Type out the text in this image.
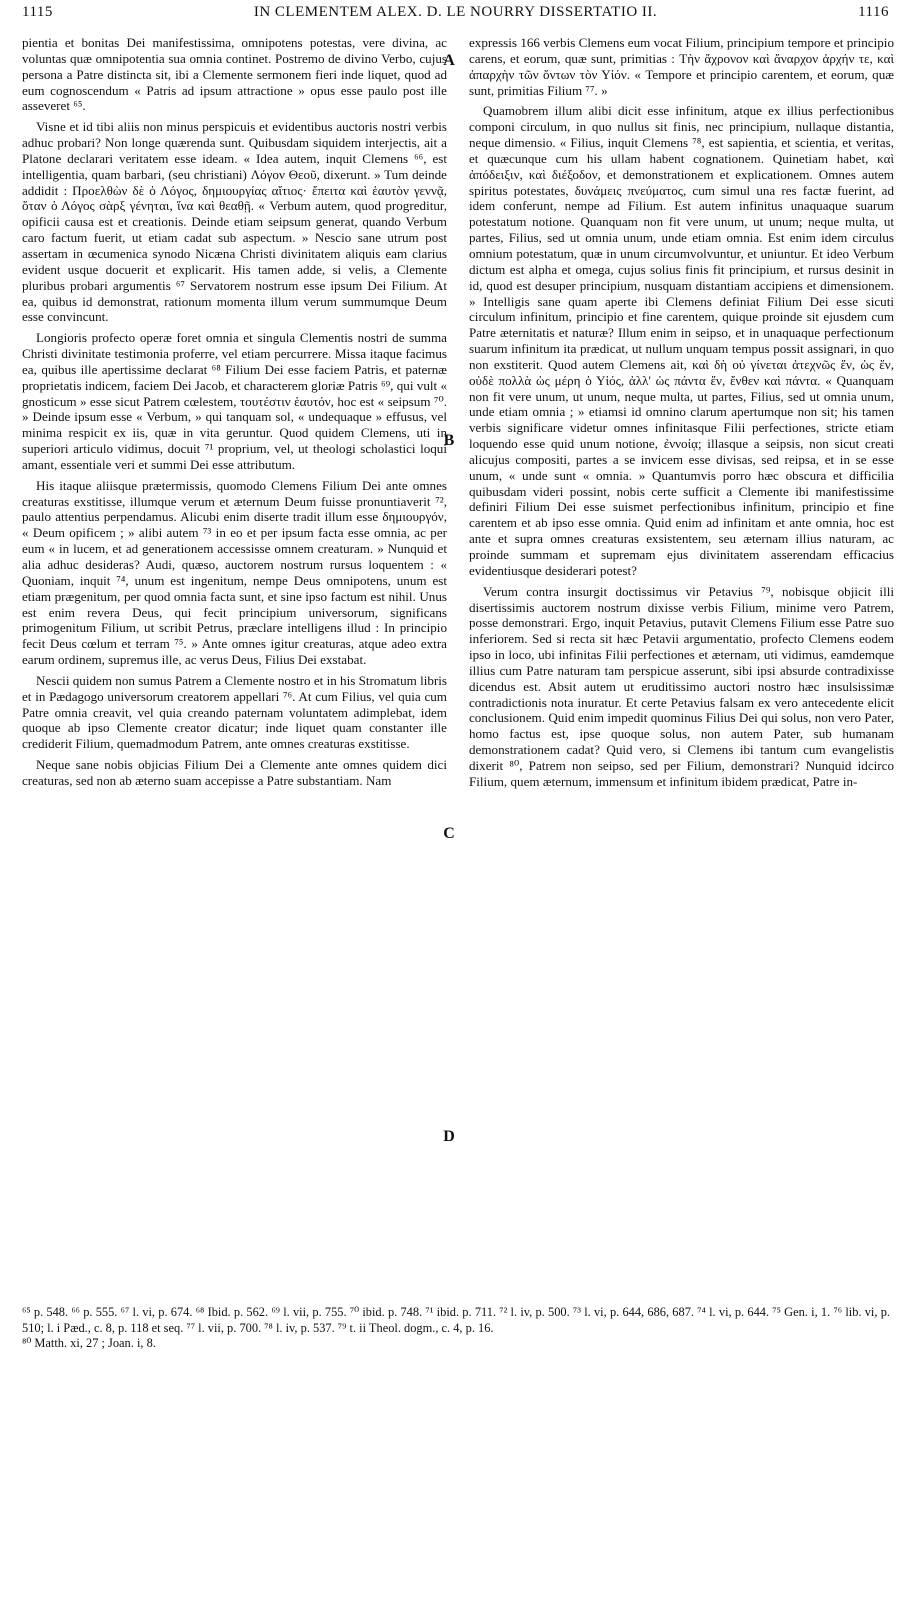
1115	IN CLEMENTEM ALEX. D. LE NOURRY DISSERTATIO II.	1116

pientia et bonitas Dei manifestissima, omnipotens potestas, vere divina, ac voluntas quæ omnipotentia sua omnia continet. Postremo de divino Verbo, cujus persona a Patre distincta sit, ibi a Clemente sermonem fieri inde liquet, quod ad eum cognoscendum « Patris ad ipsum attractione » opus esse paulo post ille asseveret ⁶⁵.

Visne et id tibi aliis non minus perspicuis et evidentibus auctoris nostri verbis adhuc probari? Non longe quærenda sunt. Quibusdam siquidem interjectis, ait a Platone declarari veritatem esse ideam. « Idea autem, inquit Clemens ⁶⁶, est intelligentia, quam barbari, (seu christiani) Λόγον Θεοῦ, dixerunt. » Tum deinde addidit : Προελθὼν δὲ ὁ Λόγος, δημιουργίας αἴτιος· ἔπειτα καὶ ἑαυτὸν γεννᾷ, ὅταν ὁ Λόγος σὰρξ γένηται, ἵνα καὶ θεαθῇ. « Verbum autem, quod progreditur, opificii causa est et creationis. Deinde etiam seipsum generat, quando Verbum caro factum fuerit, ut etiam cadat sub aspectum. » Nescio sane utrum post assertam in œcumenica synodo Nicæna Christi divinitatem aliquis eam clarius evident usque docuerit et explicarit. His tamen adde, si velis, a Clemente pluribus probari argumentis ⁶⁷ Servatorem nostrum esse ipsum Dei Filium. At ea, quibus id demonstrat, rationum momenta illum verum summumque Deum esse convincunt.

Longioris profecto operæ foret omnia et singula Clementis nostri de summa Christi divinitate testimonia proferre, vel etiam percurrere. Missa itaque facimus ea, quibus ille apertissime declarat ⁶⁸ Filium Dei esse faciem Patris, et paternæ proprietatis indicem, faciem Dei Jacob, et characterem gloriæ Patris ⁶⁹, qui vult « gnosticum » esse sicut Patrem cœlestem, τουτέστιν ἑαυτόν, hoc est « seipsum ⁷⁰. » Deinde ipsum esse « Verbum, » qui tanquam sol, « undequaque » effusus, vel minima respicit ex iis, quæ in vita geruntur. Quod quidem Clemens, uti in superiori articulo vidimus, docuit ⁷¹ proprium, vel, ut theologi scholastici loqui amant, essentiale veri et summi Dei esse attributum.

His itaque aliisque prætermissis, quomodo Clemens Filium Dei ante omnes creaturas exstitisse, illumque verum et æternum Deum fuisse pronuntiaverit ⁷², paulo attentius perpendamus. Alicubi enim diserte tradit illum esse δημιουργόν, « Deum opificem ; » alibi autem ⁷³ in eo et per ipsum facta esse omnia, ac per eum « in lucem, et ad generationem accessisse omnem creaturam. » Nunquid et alia adhuc desideras? Audi, quæso, auctorem nostrum rursus loquentem : « Quoniam, inquit ⁷⁴, unum est ingenitum, nempe Deus omnipotens, unum est etiam prægenitum, per quod omnia facta sunt, et sine ipso factum est nihil. Unus est enim revera Deus, qui fecit principium universorum, significans primogenitum Filium, ut scribit Petrus, præclare intelligens illud : In principio fecit Deus cœlum et terram ⁷⁵. » Ante omnes igitur creaturas, atque adeo extra earum ordinem, supremus ille, ac verus Deus, Filius Dei exstabat.

Nescii quidem non sumus Patrem a Clemente nostro et in his Stromatum libris et in Pædagogo universorum creatorem appellari ⁷⁶. At cum Filius, vel quia cum Patre omnia creavit, vel quia creando paternam voluntatem adimplebat, idem quoque ab ipso Clemente creator dicatur; inde liquet quam constanter ille crediderit Filium, quemadmodum Patrem, ante omnes creaturas exstitisse.

Neque sane nobis objicias Filium Dei a Clemente ante omnes quidem dici creaturas, sed non ab æterno suam accepisse a Patre substantiam. Nam

A
B
C
D

expressis 166 verbis Clemens eum vocat Filium, principium tempore et principio carens, et eorum, quæ sunt, primitias : Τὴν ἄχρονον καὶ ἄναρχον ἀρχήν τε, καὶ ἀπαρχὴν τῶν ὄντων τὸν Υἱόν. « Tempore et principio carentem, et eorum, quæ sunt, primitias Filium ⁷⁷. »

Quamobrem illum alibi dicit esse infinitum, atque ex illius perfectionibus componi circulum, in quo nullus sit finis, nec principium, nullaque distantia, neque dimensio. « Filius, inquit Clemens ⁷⁸, est sapientia, et scientia, et veritas, et quæcunque cum his ullam habent cognationem. Quinetiam habet, καὶ ἀπόδειξιν, καὶ διέξοδον, et demonstrationem et explicationem. Omnes autem spiritus potestates, δυνάμεις πνεύματος, cum simul una res factæ fuerint, ad idem conferunt, nempe ad Filium. Est autem infinitus unaquaque suarum potestatum notione. Quanquam non fit vere unum, ut unum; neque multa, ut partes, Filius, sed ut omnia unum, unde etiam omnia. Est enim idem circulus omnium potestatum, quæ in unum circumvolvuntur, et uniuntur. Et ideo Verbum dictum est alpha et omega, cujus solius finis fit principium, et rursus desinit in id, quod est desuper principium, nusquam distantiam accipiens et dimensionem. » Intelligis sane quam aperte ibi Clemens definiat Filium Dei esse sicuti circulum infinitum, principio et fine carentem, quique proinde sit ejusdem cum Patre æternitatis et naturæ? Illum enim in seipso, et in unaquaque perfectionum suarum infinitum ita prædicat, ut nullum unquam tempus possit assignari, in quo non exstiterit. Quod autem Clemens ait, καὶ δὴ οὐ γίνεται ἀτεχνῶς ἕν, ὡς ἕν, οὐδὲ πολλὰ ὡς μέρη ὁ Υἱός, ἀλλ' ὡς πάντα ἕν, ἔνθεν καὶ πάντα. « Quanquam non fit vere unum, ut unum, neque multa, ut partes, Filius, sed ut omnia unum, unde etiam omnia ; » etiamsi id omnino clarum apertumque non sit; his tamen verbis significare videtur omnes infinitasque Filii perfectiones, stricte etiam loquendo esse quid unum notione, ἐννοίᾳ; illasque a seipsis, non sicut creati alicujus compositi, partes a se invicem esse divisas, sed reipsa, et in se esse unum, « unde sunt « omnia. » Quantumvis porro hæc obscura et difficilia quibusdam videri possint, nobis certe sufficit a Clemente ibi manifestissime definiri Filium Dei esse suismet perfectionibus infinitum, principio et fine carentem et ab ipso esse omnia. Quid enim ad infinitam et ante omnia, hoc est ante et supra omnes creaturas exsistentem, seu æternam illius naturam, ac proinde summam et supremam ejus divinitatem asserendam efficacius evidentiusque desiderari potest?

Verum contra insurgit doctissimus vir Petavius ⁷⁹, nobisque objicit illi disertissimis auctorem nostrum dixisse verbis Filium, minime vero Patrem, posse demonstrari. Ergo, inquit Petavius, putavit Clemens Filium esse Patre suo inferiorem. Sed si recta sit hæc Petavii argumentatio, profecto Clemens eodem ipso in loco, ubi infinitas Filii perfectiones et æternam, uti vidimus, eamdemque illius cum Patre naturam tam perspicue asserunt, sibi ipsi absurde contradixisse dicendus est. Absit autem ut eruditissimo auctori nostro hæc insulsissimæ contradictionis nota inuratur. Et certe Petavius falsam ex vero antecedente elicit conclusionem. Quid enim impedit quominus Filius Dei qui solus, non vero Pater, homo factus est, ipse quoque solus, non autem Pater, sub humanam demonstrationem cadat? Quid vero, si Clemens ibi tantum cum evangelistis dixerit ⁸⁰, Patrem non seipso, sed per Filium, demonstrari? Nunquid idcirco Filium, quem æternum, immensum et infinitum ibidem prædicat, Patre in-

⁶⁵ p. 548. ⁶⁶ p. 555. ⁶⁷ l. vi, p. 674. ⁶⁸ Ibid. p. 562. ⁶⁹ l. vii, p. 755. ⁷⁰ ibid. p. 748. ⁷¹ ibid. p. 711. ⁷² l. iv, p. 500. ⁷³ l. vi, p. 644, 686, 687. ⁷⁴ l. vi, p. 644. ⁷⁵ Gen. i, 1. ⁷⁶ lib. vi, p. 510; l. i Pæd., c. 8, p. 118 et seq. ⁷⁷ l. vii, p. 700. ⁷⁸ l. iv, p. 537. ⁷⁹ t. ii Theol. dogm., c. 4, p. 16.
⁸⁰ Matth. xi, 27 ; Joan. i, 8.
